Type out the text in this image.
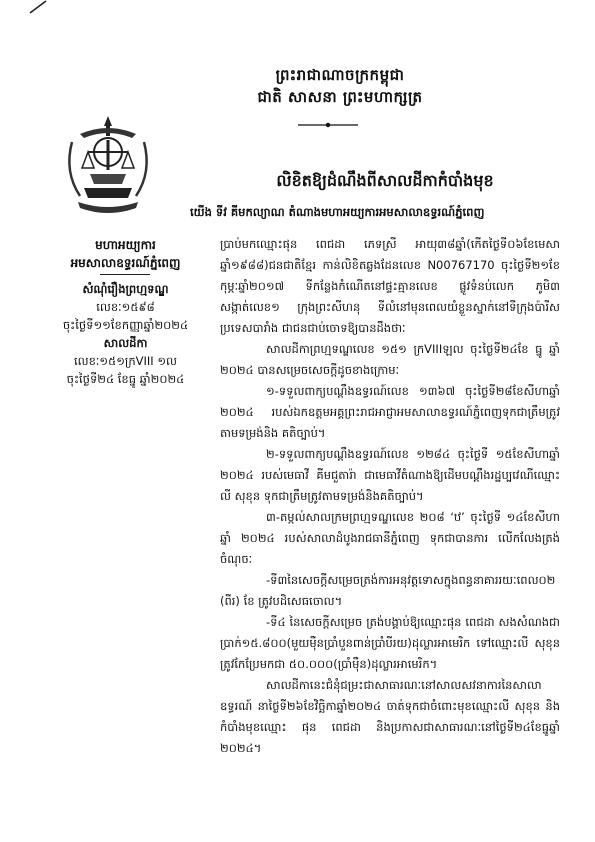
ព្រះរាជាណាចក្រកម្ពុជា
ជាតិ សាសនា ព្រះមហាក្សត្រ
មហាអយ្យការ
អមសាលាឧទ្ធរណ៍ភ្នំពេញ
សំណុំរឿងព្រហ្មទណ្ឌ
លេខៈ១៥៩៨
ចុះថ្ងៃទី១១ខែកញ្ញាឆ្នាំ២០២៤
សាលដីកា
លេខៈ១៥១ក្រVIII ១ល
ចុះថ្ងៃទី២៤ ខែធ្នូ ឆ្នាំ២០២៤
លិខិតឱ្យដំណឹងពីសាលដីកាកំបាំងមុខ
យើង ទីវ គីមកល្យាណ តំណាងមហាអយ្យការអមសាលាឧទ្ធរណ៍ភ្នំពេញ

ប្រាប់មកឈ្មោះផុន ពេជដា ភេទស្រី អាយុ៣៨ឆ្នាំ(កើតថ្ងៃទី០៦ខែមេសាឆ្នាំ១៩៨៨)ជនជាតិខ្មែរ កាន់លិខិតឆ្លងដែនលេខ N00767170 ចុះថ្ងៃទី២១ខែកុម្ភៈឆ្នាំ២០១៧ ទីកន្លែងកំណើតនៅផ្ទះគ្មានលេខ ផ្លូវទំនប់លេក ភូមិ៣ សង្កាត់លេខ១ ក្រុងព្រះសីហនុ ទីលំនៅមុនពេលយំខ្លួនស្នាក់នៅទីក្រុងប៉ារីស ប្រទេសបារាំង ជាជនជាប់ចោទឱ្យបានដឹងថាៈ

សាលដីកាព្រហ្មទណ្ឌលេខ ១៥១ ក្រVIIIឡល ចុះថ្ងៃទី២៤ខែ ធ្នូ ឆ្នាំ ២០២៤ បានសម្រេចសេចក្តីដូចខាងក្រោមៈ

១-ទទួលពាក្យបណ្តឹងឧទ្ធរណ៍លេខ ១៣៦៧ ចុះថ្ងៃទី២៨ខែសីហាឆ្នាំ ២០២៤ របស់ឯកឧត្តមអគ្គព្រះរាជអាជ្ញាអមសាលាឧទ្ធរណ៍ភ្នំពេញទុកជាត្រឹមត្រូវតាមទម្រង់និង គតិច្បាប់។

២-ទទួលពាក្យបណ្តឹងឧទ្ធរណ៍លេខ ១២៨៤ ចុះថ្ងៃទី ១៥ខែសីហាឆ្នាំ ២០២៤ របស់មេធាវី គីមជួតារ៉ា ជាមេធាវីតំណាងឱ្យដើមបណ្តឹងរដ្ឋប្បវេណីឈ្មោះ លី សុខុន ទុកជាត្រឹមត្រូវតាមទម្រង់និងគតិច្បាប់។

៣-តម្កល់សាលក្រមព្រហ្មទណ្ឌលេខ ២០៨ ‘ឋ’ ចុះថ្ងៃទី ១៤ខែសីហាឆ្នាំ ២០២៤ របស់សាលាដំបូងរាជធានីភ្នំពេញ ទុកជាបានការ លើកលែងត្រង់ចំណុចៈ

-ទី៣នៃសេចក្តីសម្រេចត្រង់ការអនុវត្តទោសក្នុងពន្ធនាគាររយៈពេល០២ (ពីរ) ខែ ត្រូវបដិសេធចោល។

-ទី៤ នៃសេចក្តីសម្រេច ត្រង់បង្គាប់ឱ្យឈ្មោះផុន ពេជដា សងសំណងជាប្រាក់១៥.៨០០(មួយម៉ឺនប្រាំបួនពាន់ប្រាំបីរយ)ដុល្លារអាមេរិក ទៅឈ្មោះលី សុខុន ត្រូវកែប្រែមកជា ៥០.០០០(ប្រាំម៉ឺន)ដុល្លារអាមេរិក។

សាលដីកានេះជំនុំជម្រះជាសាធារណៈនៅសាលសវនាការនៃសាលាឧទ្ធរណ៍ នាថ្ងៃទី២៦ខែវិច្ឆិកាឆ្នាំ២០២៤ ចាត់ទុកជាចំពោះមុខឈ្មោះលី សុខុន និង កំបាំងមុខឈ្មោះ ផុន ពេជដា និងប្រកាសជាសាធារណៈនៅថ្ងៃទី២៤ខែធ្នូឆ្នាំ ២០២៤។
